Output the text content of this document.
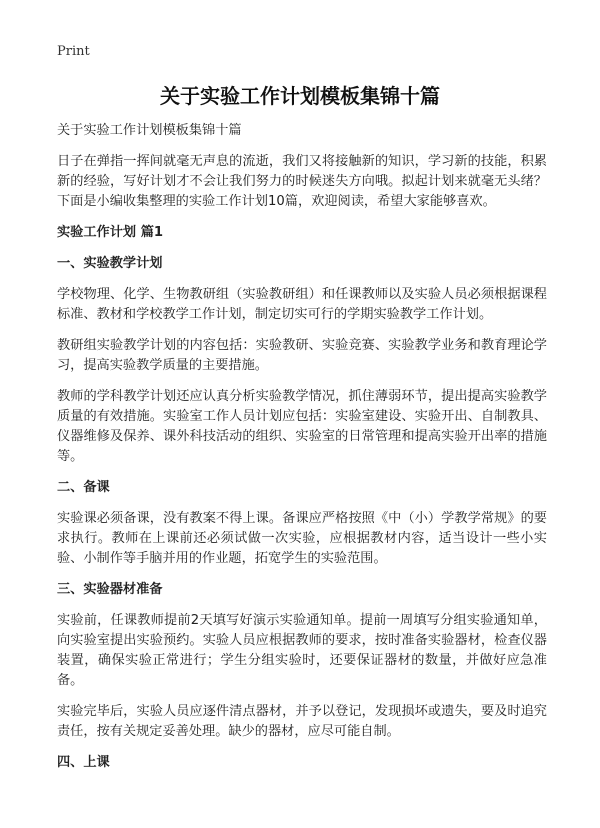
Print
关于实验工作计划模板集锦十篇

关于实验工作计划模板集锦十篇

日子在弹指一挥间就毫无声息的流逝，我们又将接触新的知识，学习新的技能，积累新的经验，写好计划才不会让我们努力的时候迷失方向哦。拟起计划来就毫无头绪？下面是小编收集整理的实验工作计划10篇，欢迎阅读，希望大家能够喜欢。

实验工作计划 篇1

一、实验教学计划

学校物理、化学、生物教研组（实验教研组）和任课教师以及实验人员必须根据课程标准、教材和学校教学工作计划，制定切实可行的学期实验教学工作计划。

教研组实验教学计划的内容包括：实验教研、实验竞赛、实验教学业务和教育理论学习，提高实验教学质量的主要措施。

教师的学科教学计划还应认真分析实验教学情况，抓住薄弱环节，提出提高实验教学质量的有效措施。实验室工作人员计划应包括：实验室建设、实验开出、自制教具、仪器维修及保养、课外科技活动的组织、实验室的日常管理和提高实验开出率的措施等。

二、备课

实验课必须备课，没有教案不得上课。备课应严格按照《中（小）学教学常规》的要求执行。教师在上课前还必须试做一次实验，应根据教材内容，适当设计一些小实验、小制作等手脑并用的作业题，拓宽学生的实验范围。

三、实验器材准备

实验前，任课教师提前2天填写好演示实验通知单。提前一周填写分组实验通知单，向实验室提出实验预约。实验人员应根据教师的要求，按时准备实验器材，检查仪器装置，确保实验正常进行；学生分组实验时，还要保证器材的数量，并做好应急准备。

实验完毕后，实验人员应逐件清点器材，并予以登记，发现损坏或遗失，要及时追究责任，按有关规定妥善处理。缺少的器材，应尽可能自制。

四、上课
